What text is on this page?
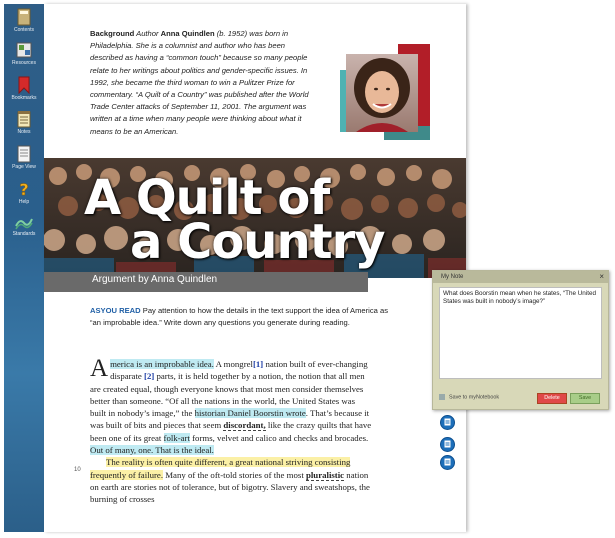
Contents
Resources
Bookmarks
Notes
Page View
?
Help
Standards
Background Author Anna Quindlen (b. 1952) was born in Philadelphia. She is a columnist and author who has been described as having a “common touch” because so many people relate to her writings about politics and gender-specific issues. In 1992, she became the third woman to win a Pulitzer Prize for commentary. “A Quilt of a Country” was published after the World Trade Center attacks of September 11, 2001. The argument was written at a time when many people were thinking about what it means to be an American.
A Quilt of
a Country
Argument by Anna Quindlen
ASYOU READ Pay attention to how the details in the text support the idea of America as “an improbable idea.” Write down any questions you generate during reading.
America is an improbable idea. A mongrel[1] nation built of ever-changing disparate [2] parts, it is held together by a notion, the notion that all men are created equal, though everyone knows that most men consider themselves better than someone. “Of all the nations in the world, the United States was built in nobody’s image,” the historian Daniel Boorstin wrote. That’s because it was built of bits and pieces that seem discordant, like the crazy quilts that have been one of its great folk-art forms, velvet and calico and checks and brocades. Out of many, one. That is the ideal.
The reality is often quite different, a great national striving consisting frequently of failure. Many of the oft-told stories of the most pluralistic nation on earth are stories not of tolerance, but of bigotry. Slavery and sweatshops, the burning of crosses
10
My Note	×
What does Boorstin mean when he states, “The United States was built in nobody’s image?”
Save to myNotebook	Delete	Save
